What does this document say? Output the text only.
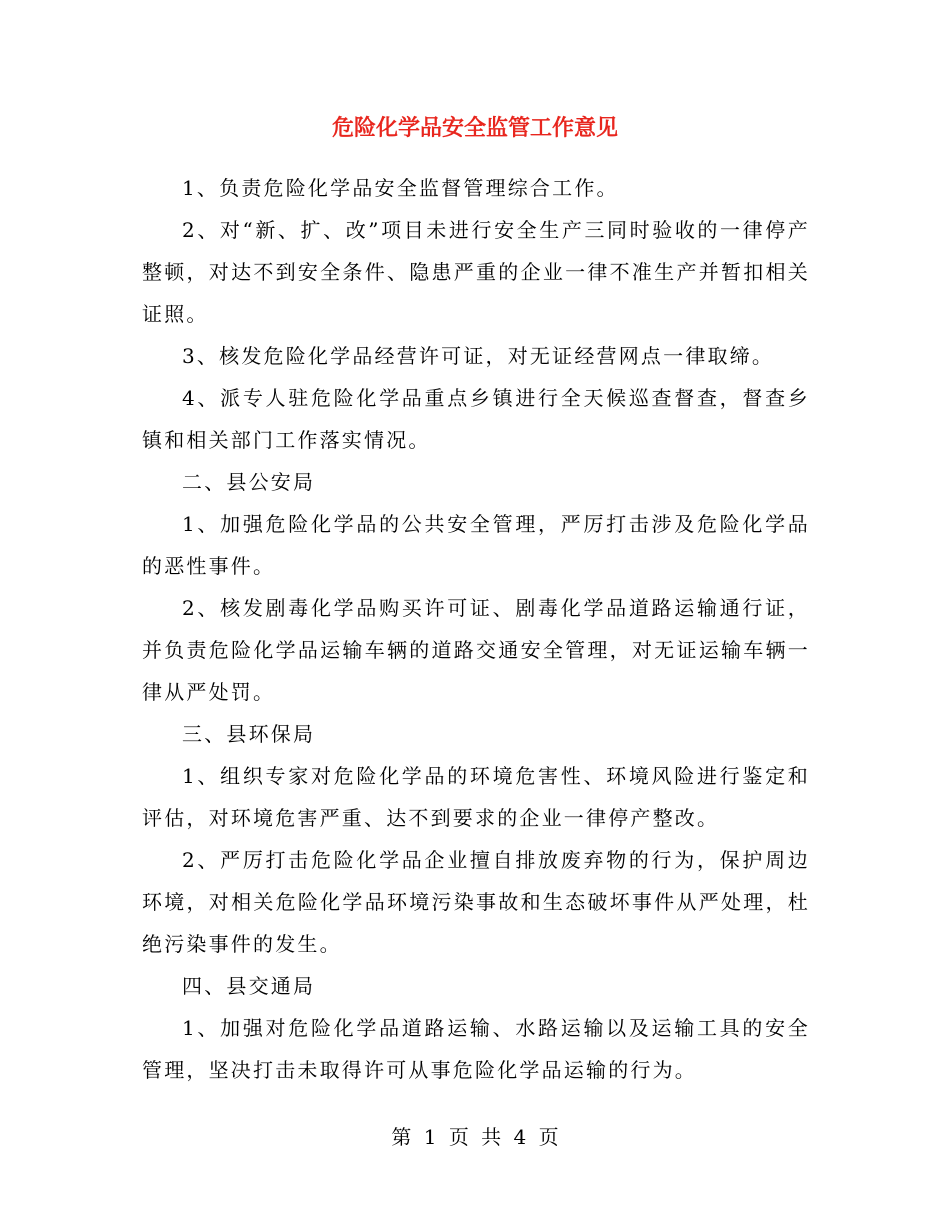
危险化学品安全监管工作意见

1、负责危险化学品安全监督管理综合工作。

2、对“新、扩、改”项目未进行安全生产三同时验收的一律停产整顿，对达不到安全条件、隐患严重的企业一律不准生产并暂扣相关证照。

3、核发危险化学品经营许可证，对无证经营网点一律取缔。

4、派专人驻危险化学品重点乡镇进行全天候巡查督查，督查乡镇和相关部门工作落实情况。

二、县公安局

1、加强危险化学品的公共安全管理，严厉打击涉及危险化学品的恶性事件。

2、核发剧毒化学品购买许可证、剧毒化学品道路运输通行证，并负责危险化学品运输车辆的道路交通安全管理，对无证运输车辆一律从严处罚。

三、县环保局

1、组织专家对危险化学品的环境危害性、环境风险进行鉴定和评估，对环境危害严重、达不到要求的企业一律停产整改。

2、严厉打击危险化学品企业擅自排放废弃物的行为，保护周边环境，对相关危险化学品环境污染事故和生态破坏事件从严处理，杜绝污染事件的发生。

四、县交通局

1、加强对危险化学品道路运输、水路运输以及运输工具的安全管理，坚决打击未取得许可从事危险化学品运输的行为。

第 1 页 共 4 页
